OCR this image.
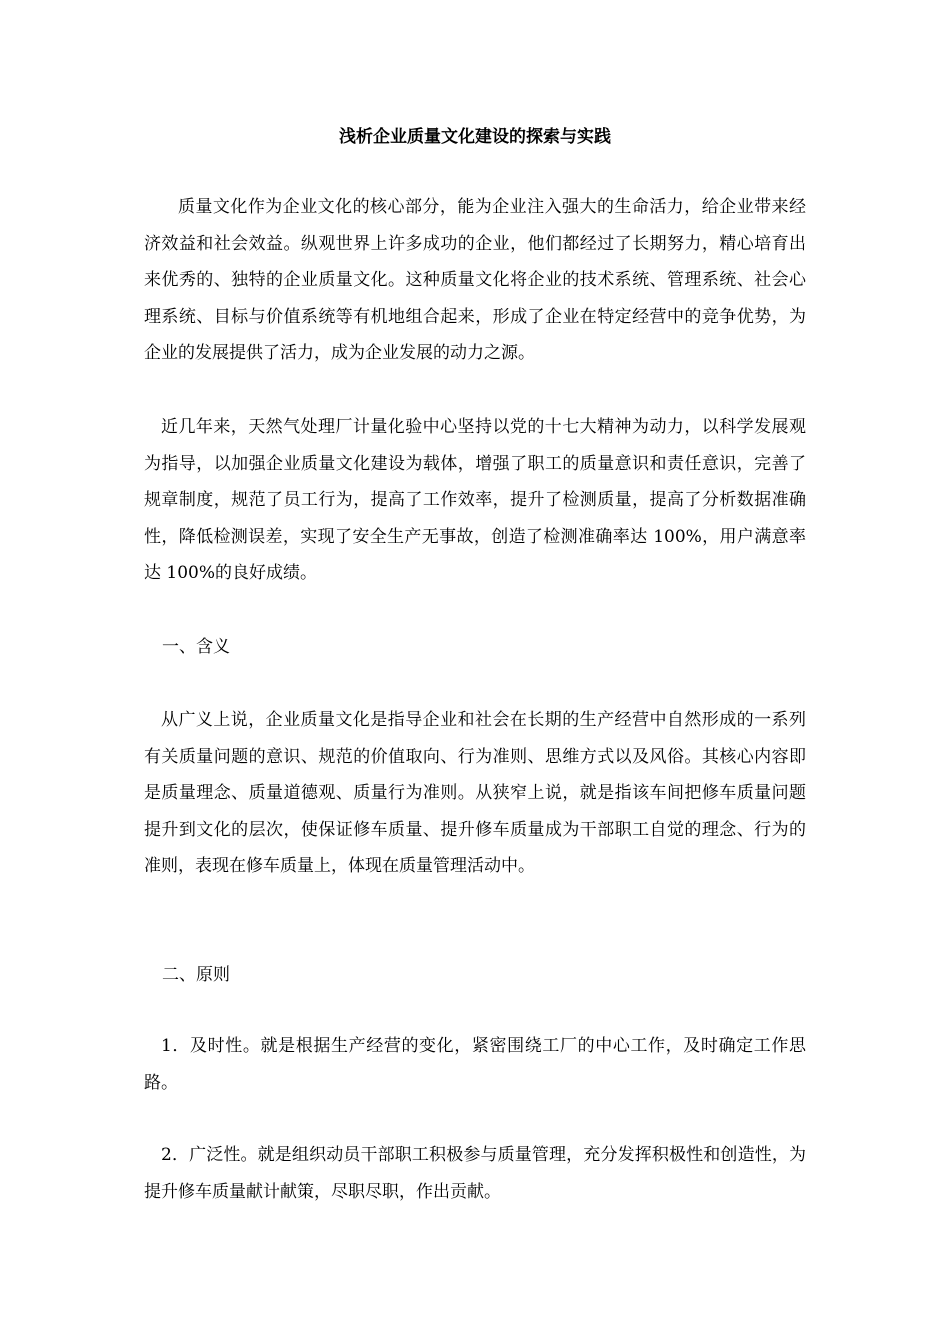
浅析企业质量文化建设的探索与实践

质量文化作为企业文化的核心部分，能为企业注入强大的生命活力，给企业带来经济效益和社会效益。纵观世界上许多成功的企业，他们都经过了长期努力，精心培育出来优秀的、独特的企业质量文化。这种质量文化将企业的技术系统、管理系统、社会心理系统、目标与价值系统等有机地组合起来，形成了企业在特定经营中的竞争优势，为企业的发展提供了活力，成为企业发展的动力之源。

近几年来，天然气处理厂计量化验中心坚持以党的十七大精神为动力，以科学发展观为指导，以加强企业质量文化建设为载体，增强了职工的质量意识和责任意识，完善了规章制度，规范了员工行为，提高了工作效率，提升了检测质量，提高了分析数据准确性，降低检测误差，实现了安全生产无事故，创造了检测准确率达 100%，用户满意率达 100%的良好成绩。

一、含义

从广义上说，企业质量文化是指导企业和社会在长期的生产经营中自然形成的一系列有关质量问题的意识、规范的价值取向、行为准则、思维方式以及风俗。其核心内容即是质量理念、质量道德观、质量行为准则。从狭窄上说，就是指该车间把修车质量问题提升到文化的层次，使保证修车质量、提升修车质量成为干部职工自觉的理念、行为的准则，表现在修车质量上，体现在质量管理活动中。

二、原则

1．及时性。就是根据生产经营的变化，紧密围绕工厂的中心工作，及时确定工作思路。

2．广泛性。就是组织动员干部职工积极参与质量管理，充分发挥积极性和创造性，为提升修车质量献计献策，尽职尽职，作出贡献。
